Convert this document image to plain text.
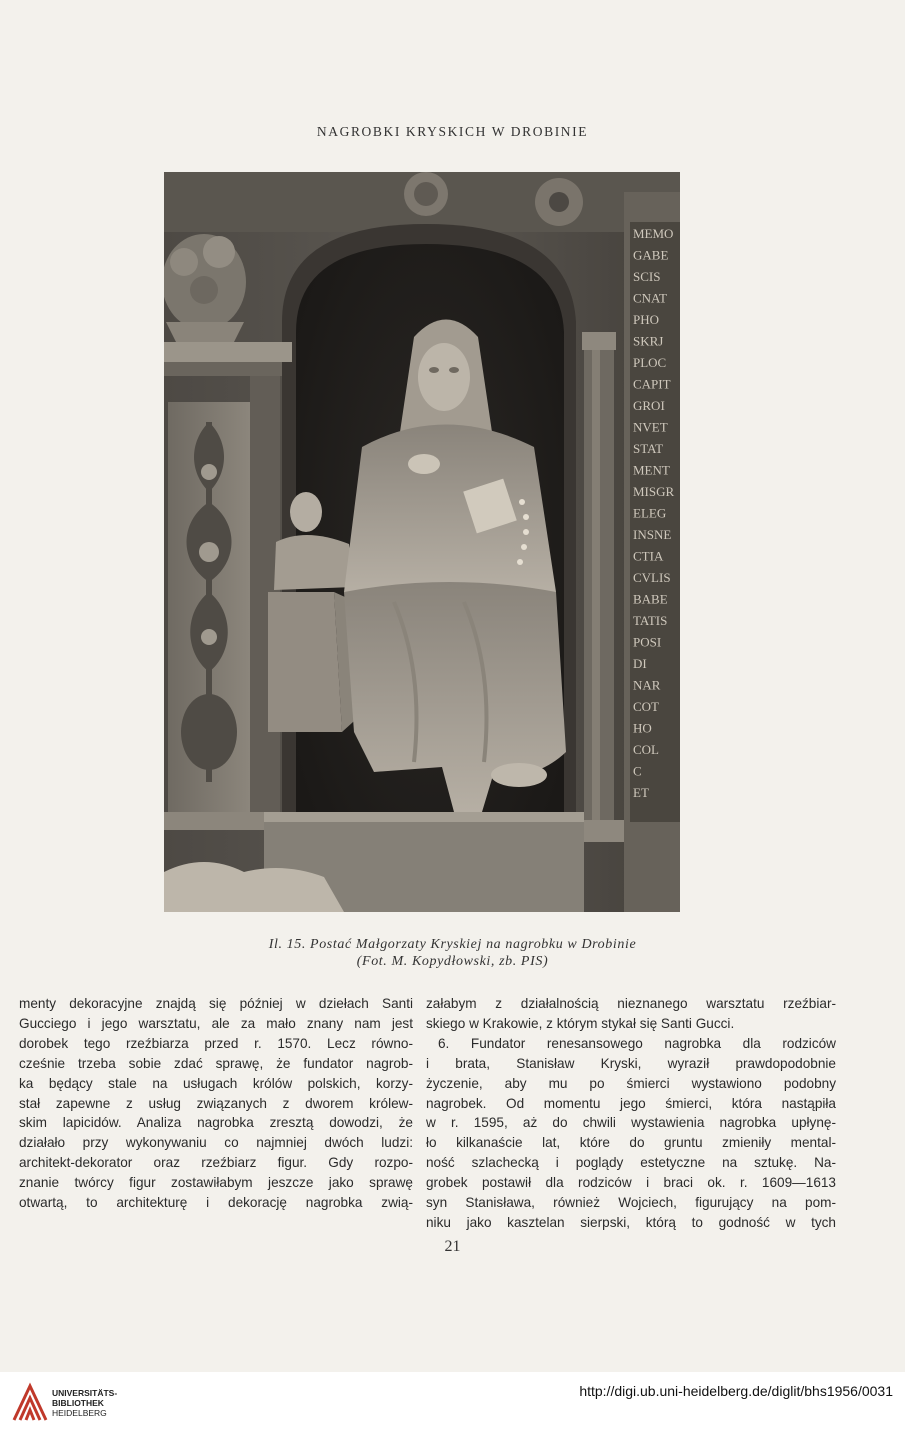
NAGROBKI KRYSKICH W DROBINIE
MEMO
GABE
SCIS
CNAT
PHO
SKRJ
PLOC
CAPIT
GROI
NVET
STAT
MENT
MISGR
ELEG
INSNE
CTIA
CVLIS
BABE
TATIS
POSI
DI
NAR
COT
HO
COL
C
ET
Il. 15. Postać Małgorzaty Kryskiej na nagrobku w Drobinie
(Fot. M. Kopydłowski, zb. PIS)
menty dekoracyjne znajdą się później w dziełach Santi
Gucciego i jego warsztatu, ale za mało znany nam jest
dorobek tego rzeźbiarza przed r. 1570. Lecz równo-
cześnie trzeba sobie zdać sprawę, że fundator nagrob-
ka będący stale na usługach królów polskich, korzy-
stał zapewne z usług związanych z dworem królew-
skim lapicidów. Analiza nagrobka zresztą dowodzi, że
działało przy wykonywaniu co najmniej dwóch ludzi:
architekt-dekorator oraz rzeźbiarz figur. Gdy rozpo-
znanie twórcy figur zostawiłabym jeszcze jako sprawę
otwartą, to architekturę i dekorację nagrobka zwią-
załabym z działalnością nieznanego warsztatu rzeźbiar-
skiego w Krakowie, z którym stykał się Santi Gucci.
6. Fundator renesansowego nagrobka dla rodziców
i brata, Stanisław Kryski, wyraził prawdopodobnie
życzenie, aby mu po śmierci wystawiono podobny
nagrobek. Od momentu jego śmierci, która nastąpiła
w r. 1595, aż do chwili wystawienia nagrobka upłynę-
ło kilkanaście lat, które do gruntu zmieniły mental-
ność szlachecką i poglądy estetyczne na sztukę. Na-
grobek postawił dla rodziców i braci ok. r. 1609—1613
syn Stanisława, również Wojciech, figurujący na pom-
niku jako kasztelan sierpski, którą to godność w tych
21
UNIVERSITÄTS-
BIBLIOTHEK
HEIDELBERG
http://digi.ub.uni-heidelberg.de/diglit/bhs1956/0031
